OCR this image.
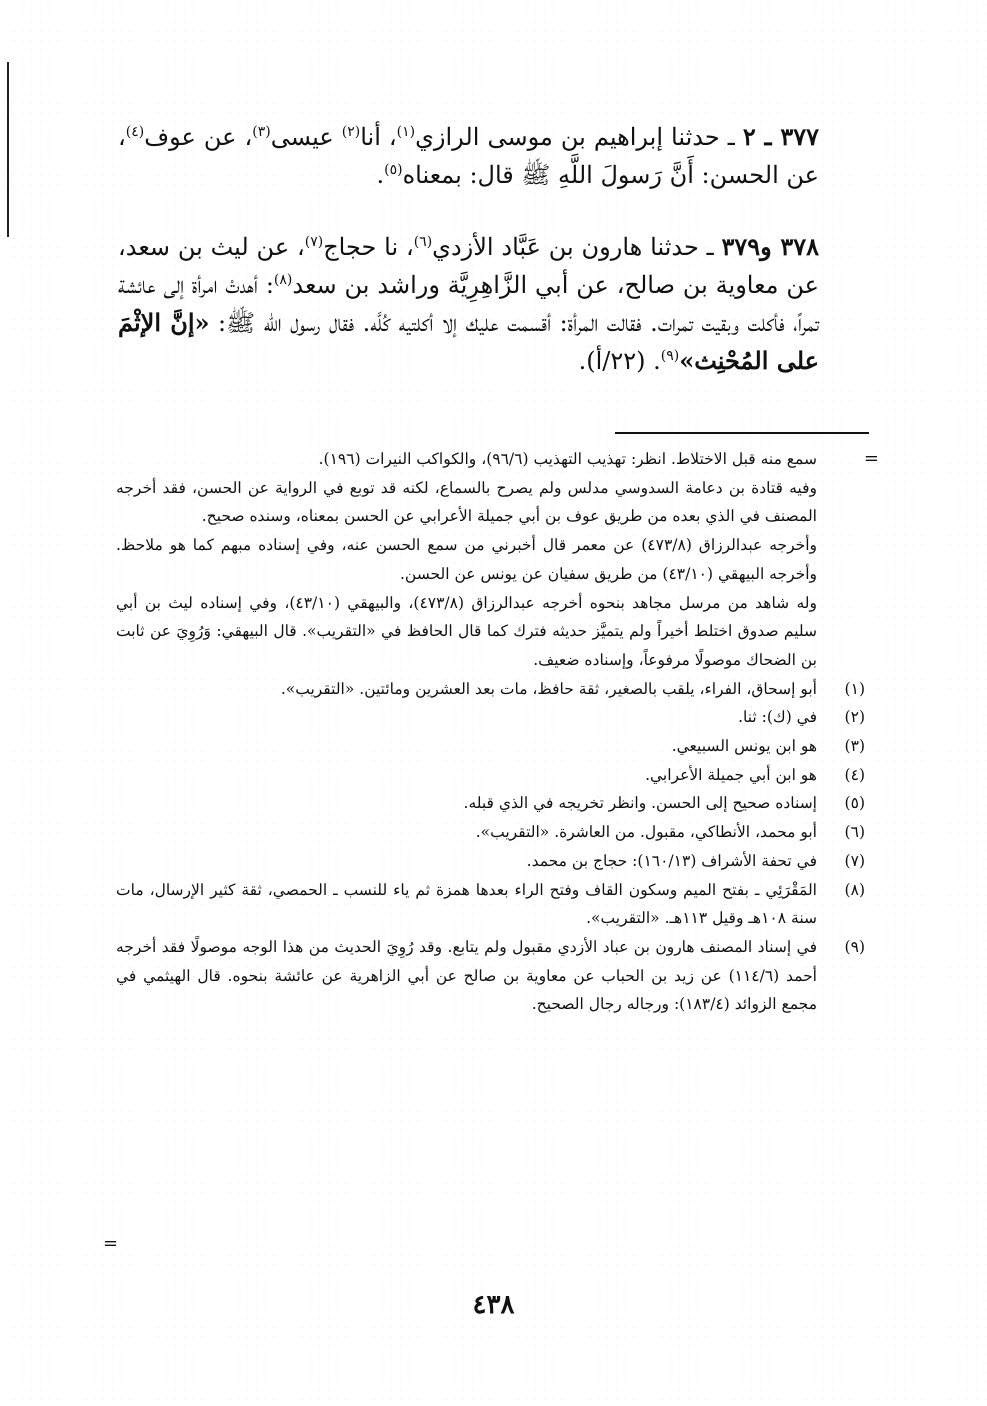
٣٧٧ ـ ٢ ـ حدثنا إبراهيم بن موسى الرازي$^{(١)}$، أنا$^{(٢)}$ عيسى$^{(٣)}$، عن عوف$^{(٤)}$، عن الحسن: أَنَّ رَسولَ اللَّهِ ﷺ قال: بمعناه$^{(٥)}$.

٣٧٨ و٣٧٩ ـ حدثنا هارون بن عَبَّاد الأزدي$^{(٦)}$، نا حجاج$^{(٧)}$، عن ليث بن سعد، عن معاوية بن صالح، عن أبي الزَّاهِرِيَّة وراشد بن سعد$^{(٨)}$: أهدتْ امرأة إلى عائشة تمراً، فأكلت وبقيت تمرات. فقالت المرأة: أقسمت عليك إلا أكلتيه كُلَّه. فقال رسول الله ﷺ: «إنَّ الإثْمَ على المُحْنِث»$^{(٩)}$. (٢٢/أ).

=
سمع منه قبل الاختلاط. انظر: تهذيب التهذيب (٩٦/٦)، والكواكب النيرات (١٩٦).
وفيه قتادة بن دعامة السدوسي مدلس ولم يصرح بالسماع، لكنه قد توبع في الرواية عن الحسن، فقد أخرجه المصنف في الذي بعده من طريق عوف بن أبي جميلة الأعرابي عن الحسن بمعناه، وسنده صحيح.
وأخرجه عبدالرزاق (٤٧٣/٨) عن معمر قال أخبرني من سمع الحسن عنه، وفي إسناده مبهم كما هو ملاحظ. وأخرجه البيهقي (٤٣/١٠) من طريق سفيان عن يونس عن الحسن.
وله شاهد من مرسل مجاهد بنحوه أخرجه عبدالرزاق (٤٧٣/٨)، والبيهقي (٤٣/١٠)، وفي إسناده ليث بن أبي سليم صدوق اختلط أخيراً ولم يتميَّز حديثه فترك كما قال الحافظ في «التقريب». قال البيهقي: وَرُوِيَ عن ثابت بن الضحاك موصولًا مرفوعاً، وإسناده ضعيف.
(١)
أبو إسحاق، الفراء، يلقب بالصغير، ثقة حافظ، مات بعد العشرين ومائتين. «التقريب».
(٢)
في (ك): ثنا.
(٣)
هو ابن يونس السبيعي.
(٤)
هو ابن أبي جميلة الأعرابي.
(٥)
إسناده صحيح إلى الحسن. وانظر تخريجه في الذي قبله.
(٦)
أبو محمد، الأنطاكي، مقبول. من العاشرة. «التقريب».
(٧)
في تحفة الأشراف (١٦٠/١٣): حجاج بن محمد.
(٨)
المَقْرَئِي ـ بفتح الميم وسكون القاف وفتح الراء بعدها همزة ثم ياء للنسب ـ الحمصي، ثقة كثير الإرسال، مات سنة ١٠٨هـ وقيل ١١٣هـ. «التقريب».
(٩)
في إسناد المصنف هارون بن عباد الأزدي مقبول ولم يتابع. وقد رُوِيَ الحديث من هذا الوجه موصولًا فقد أخرجه أحمد (١١٤/٦) عن زيد بن الحباب عن معاوية بن صالح عن أبي الزاهرية عن عائشة بنحوه. قال الهيثمي في مجمع الزوائد (١٨٣/٤): ورجاله رجال الصحيح.
=
٤٣٨
